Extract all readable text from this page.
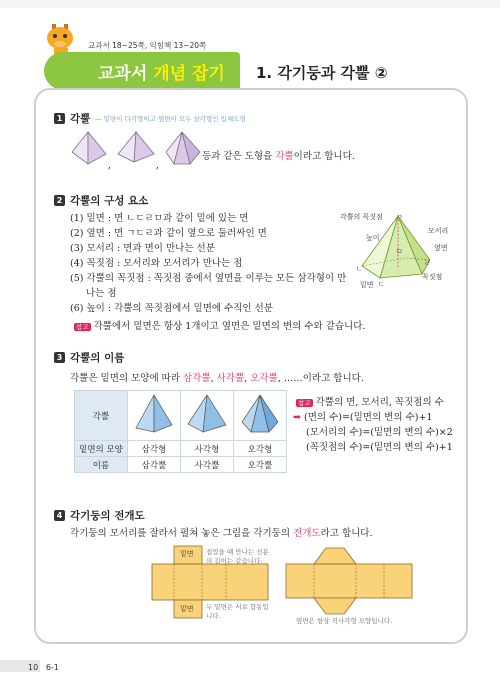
교과서 18~25쪽, 익힘책 13~20쪽
교과서 개념 잡기 1. 각기둥과 각뿔 ②
1 각뿔 — 밑면이 다각형이고 옆면이 모두 삼각형인 입체도형
,	,
등과 같은 도형을 각뿔이라고 합니다.
2 각뿔의 구성 요소
(1) 밑면 : 면 ㄴㄷㄹㅁ과 같이 밑에 있는 면
(2) 옆면 : 면 ㄱㄷㄹ과 같이 옆으로 둘러싸인 면
(3) 모서리 : 면과 면이 만나는 선분
(4) 꼭짓점 : 모서리와 모서리가 만나는 점
(5) 각뿔의 꼭짓점 : 꼭짓점 중에서 옆면을 이루는 모든 삼각형이 만
나는 점
(6) 높이 : 각뿔의 꼭짓점에서 밑면에 수직인 선분
각뿔의 꼭짓점 ㄱ
높이
모서리
옆면
ㅁ
ㄴ
ㄹ
ㄷ
밑면
꼭짓점
참고 각뿔에서 밑면은 항상 1개이고 옆면은 밑면의 변의 수와 같습니다.
3 각뿔의 이름
각뿔은 밑면의 모양에 따라 삼각뿔, 사각뿔, 오각뿔, ……이라고 합니다.
각뿔			
밑면의 모양	삼각형	사각형	오각형
이름	삼각뿔	사각뿔	오각뿔
참고 각뿔의 면, 모서리, 꼭짓점의 수
➡ (면의 수)=(밑면의 변의 수)+1
(모서리의 수)=(밑면의 변의 수)×2
(꼭짓점의 수)=(밑면의 변의 수)+1
4 각기둥의 전개도
각기둥의 모서리를 잘라서 펼쳐 놓은 그림을 각기둥의 전개도라고 합니다.
밑면
밑면
접었을 때 만나는 선분의 길이는 같습니다.
두 밑면은 서로 합동입니다.
옆면은 항상 직사각형 모양입니다.
10 6-1
